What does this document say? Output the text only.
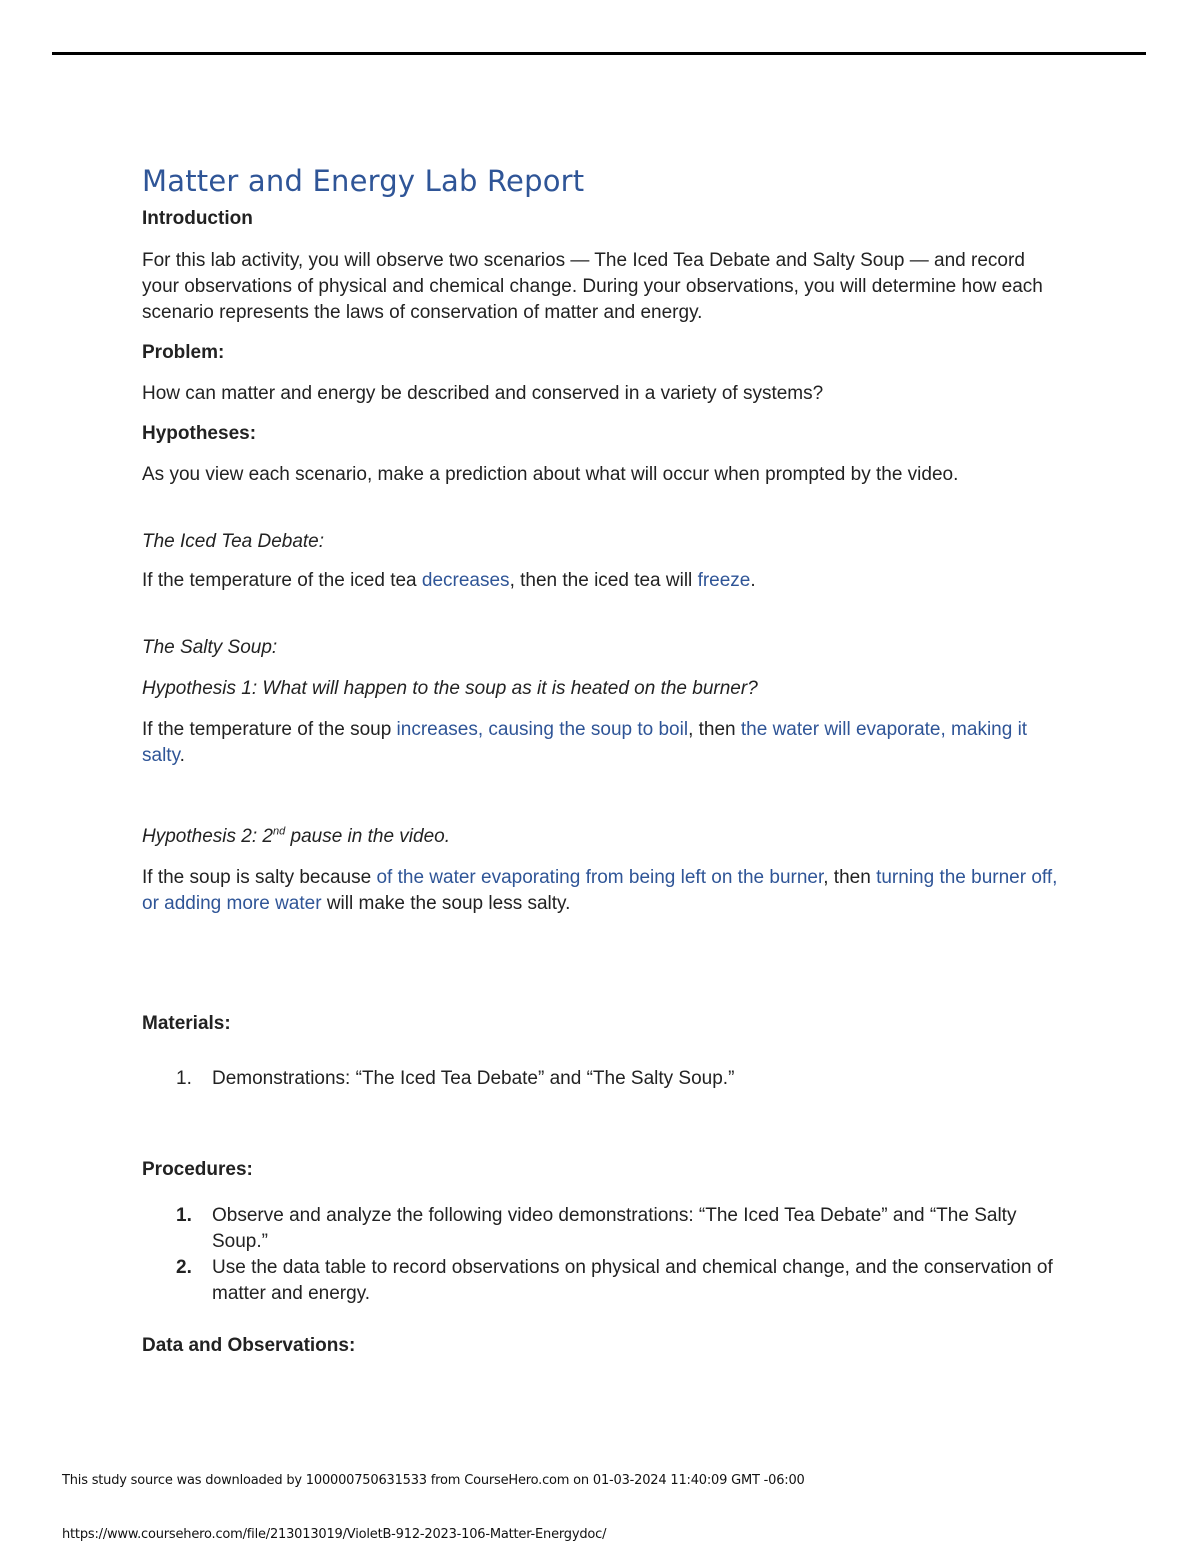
Matter and Energy Lab Report
Introduction

For this lab activity, you will observe two scenarios — The Iced Tea Debate and Salty Soup — and record your observations of physical and chemical change. During your observations, you will determine how each scenario represents the laws of conservation of matter and energy.

Problem:

How can matter and energy be described and conserved in a variety of systems?

Hypotheses:

As you view each scenario, make a prediction about what will occur when prompted by the video.

The Iced Tea Debate:

If the temperature of the iced tea decreases, then the iced tea will freeze.

The Salty Soup:
Hypothesis 1: What will happen to the soup as it is heated on the burner?

If the temperature of the soup increases, causing the soup to boil, then the water will evaporate, making it salty.

Hypothesis 2: 2nd pause in the video.

If the soup is salty because of the water evaporating from being left on the burner, then turning the burner off, or adding more water will make the soup less salty.

Materials:
1. Demonstrations: “The Iced Tea Debate” and “The Salty Soup.”
Procedures:
1. Observe and analyze the following video demonstrations: “The Iced Tea Debate” and “The Salty Soup.”
2. Use the data table to record observations on physical and chemical change, and the conservation of matter and energy.
Data and Observations:
This study source was downloaded by 100000750631533 from CourseHero.com on 01-03-2024 11:40:09 GMT -06:00
https://www.coursehero.com/file/213013019/VioletB-912-2023-106-Matter-Energydoc/
